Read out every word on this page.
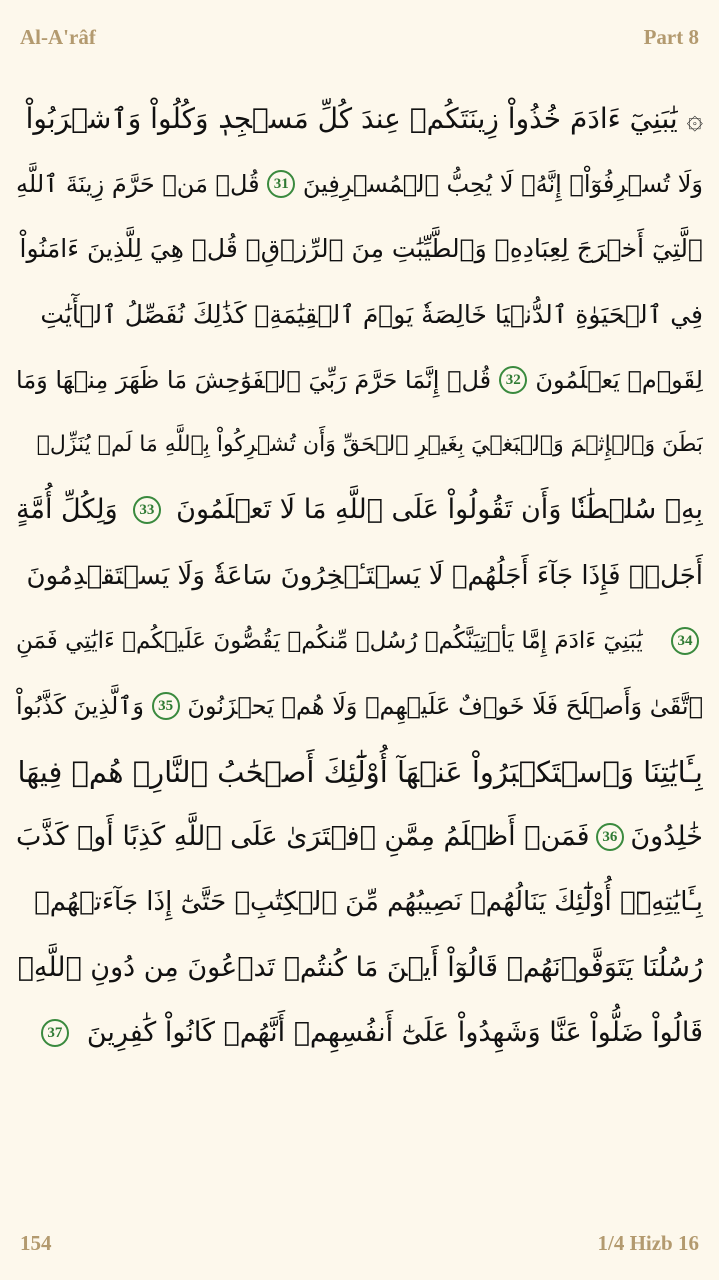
Al-A'râf	Part 8
۞ يَٰبَنِيٓ ءَادَمَ خُذُواْ زِينَتَكُمۡ عِندَ كُلِّ مَسۡجِدٖ وَكُلُواْ وَٱشۡرَبُواْ
وَلَا تُسۡرِفُوٓاْۚ إِنَّهُۥ لَا يُحِبُّ ٱلۡمُسۡرِفِينَ
31
قُلۡ مَنۡ حَرَّمَ زِينَةَ ٱللَّهِ
ٱلَّتِيٓ أَخۡرَجَ لِعِبَادِهِۦ وَٱلطَّيِّبَٰتِ مِنَ ٱلرِّزۡقِۚ قُلۡ هِيَ لِلَّذِينَ ءَامَنُواْ
فِي ٱلۡحَيَوٰةِ ٱلدُّنۡيَا خَالِصَةٗ يَوۡمَ ٱلۡقِيَٰمَةِۗ كَذَٰلِكَ نُفَصِّلُ ٱلۡأٓيَٰتِ
لِقَوۡمٖ يَعۡلَمُونَ
32
قُلۡ إِنَّمَا حَرَّمَ رَبِّيَ ٱلۡفَوَٰحِشَ مَا ظَهَرَ مِنۡهَا وَمَا
بَطَنَ وَٱلۡإِثۡمَ وَٱلۡبَغۡيَ بِغَيۡرِ ٱلۡحَقِّ وَأَن تُشۡرِكُواْ بِٱللَّهِ مَا لَمۡ يُنَزِّلۡ
بِهِۦ سُلۡطَٰنٗا وَأَن تَقُولُواْ عَلَى ٱللَّهِ مَا لَا تَعۡلَمُونَ
33
وَلِكُلِّ أُمَّةٍ
أَجَلٞۖ فَإِذَا جَآءَ أَجَلُهُمۡ لَا يَسۡتَـٔۡخِرُونَ سَاعَةٗ وَلَا يَسۡتَقۡدِمُونَ
34
يَٰبَنِيٓ ءَادَمَ إِمَّا يَأۡتِيَنَّكُمۡ رُسُلٞ مِّنكُمۡ يَقُصُّونَ عَلَيۡكُمۡ ءَايَٰتِي فَمَنِ
ٱتَّقَىٰ وَأَصۡلَحَ فَلَا خَوۡفٌ عَلَيۡهِمۡ وَلَا هُمۡ يَحۡزَنُونَ
35
وَٱلَّذِينَ كَذَّبُواْ
بِـَٔايَٰتِنَا وَٱسۡتَكۡبَرُواْ عَنۡهَآ أُوْلَٰٓئِكَ أَصۡحَٰبُ ٱلنَّارِۖ هُمۡ فِيهَا
خَٰلِدُونَ
36
فَمَنۡ أَظۡلَمُ مِمَّنِ ٱفۡتَرَىٰ عَلَى ٱللَّهِ كَذِبًا أَوۡ كَذَّبَ
بِـَٔايَٰتِهِۦٓۚ أُوْلَٰٓئِكَ يَنَالُهُمۡ نَصِيبُهُم مِّنَ ٱلۡكِتَٰبِۖ حَتَّىٰٓ إِذَا جَآءَتۡهُمۡ
رُسُلُنَا يَتَوَفَّوۡنَهُمۡ قَالُوٓاْ أَيۡنَ مَا كُنتُمۡ تَدۡعُونَ مِن دُونِ ٱللَّهِۖ
قَالُواْ ضَلُّواْ عَنَّا وَشَهِدُواْ عَلَىٰٓ أَنفُسِهِمۡ أَنَّهُمۡ كَانُواْ كَٰفِرِينَ
37
154	1/4 Hizb 16
